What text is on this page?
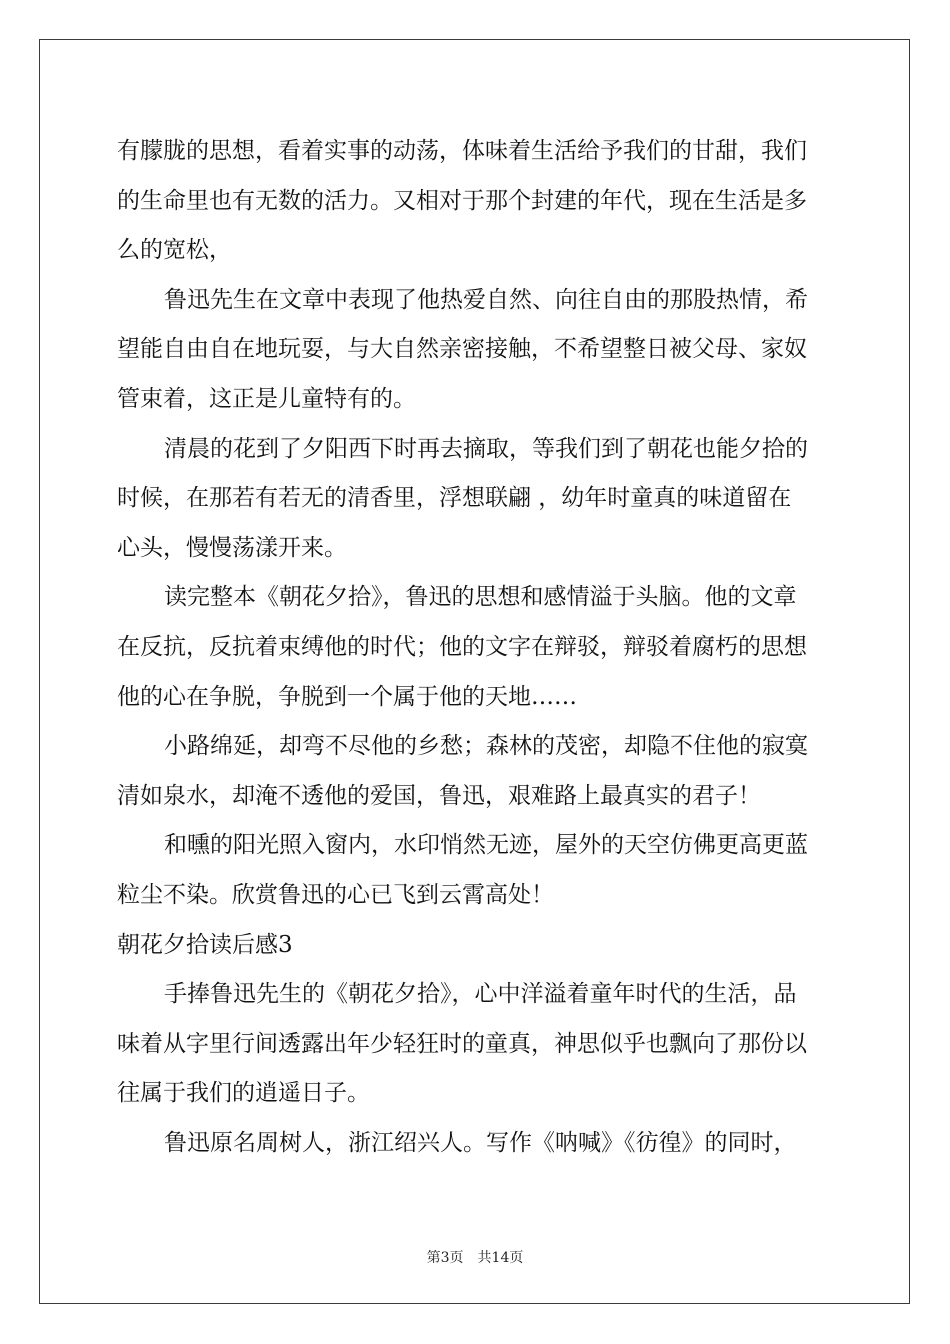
有朦胧的思想，看着实事的动荡，体味着生活给予我们的甘甜，我们
的生命里也有无数的活力。又相对于那个封建的年代，现在生活是多
么的宽松，
鲁迅先生在文章中表现了他热爱自然、向往自由的那股热情，希
望能自由自在地玩耍，与大自然亲密接触，不希望整日被父母、家奴
管束着，这正是儿童特有的。
清晨的花到了夕阳西下时再去摘取，等我们到了朝花也能夕拾的
时候，在那若有若无的清香里，浮想联翩 ，幼年时童真的味道留在
心头，慢慢荡漾开来。
读完整本《朝花夕拾》，鲁迅的思想和感情溢于头脑。他的文章
在反抗，反抗着束缚他的时代；他的文字在辩驳，辩驳着腐朽的思想
他的心在争脱，争脱到一个属于他的天地……
小路绵延，却弯不尽他的乡愁；森林的茂密，却隐不住他的寂寞
清如泉水，却淹不透他的爱国，鲁迅，艰难路上最真实的君子！
和曛的阳光照入窗内，水印悄然无迹，屋外的天空仿佛更高更蓝
粒尘不染。欣赏鲁迅的心已飞到云霄高处！
朝花夕拾读后感3
手捧鲁迅先生的《朝花夕拾》，心中洋溢着童年时代的生活，品
味着从字里行间透露出年少轻狂时的童真，神思似乎也飘向了那份以
往属于我们的逍遥日子。
鲁迅原名周树人，浙江绍兴人。写作《呐喊》《彷徨》的同时，
第3页 共14页
